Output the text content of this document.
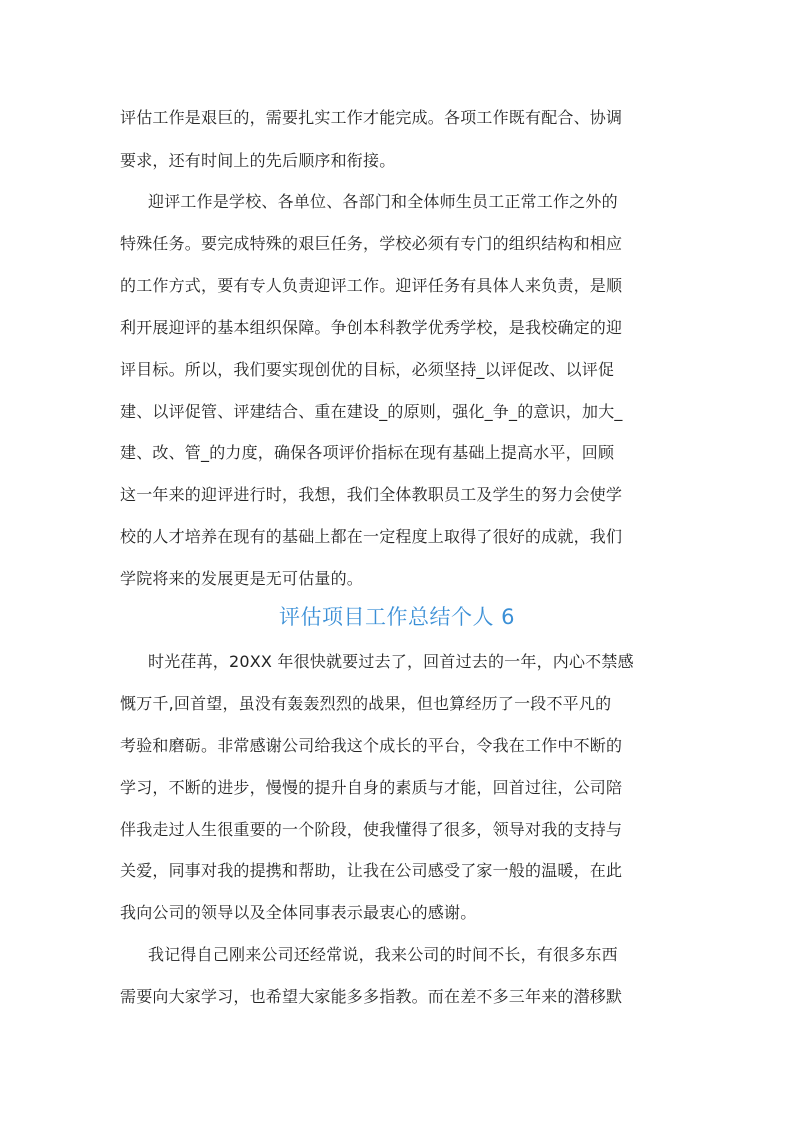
评估工作是艰巨的，需要扎实工作才能完成。各项工作既有配合、协调
要求，还有时间上的先后顺序和衔接。
迎评工作是学校、各单位、各部门和全体师生员工正常工作之外的
特殊任务。要完成特殊的艰巨任务，学校必须有专门的组织结构和相应
的工作方式，要有专人负责迎评工作。迎评任务有具体人来负责，是顺
利开展迎评的基本组织保障。争创本科教学优秀学校，是我校确定的迎
评目标。所以，我们要实现创优的目标，必须坚持_以评促改、以评促
建、以评促管、评建结合、重在建设_的原则，强化_争_的意识，加大_
建、改、管_的力度，确保各项评价指标在现有基础上提高水平，回顾
这一年来的迎评进行时，我想，我们全体教职员工及学生的努力会使学
校的人才培养在现有的基础上都在一定程度上取得了很好的成就，我们
学院将来的发展更是无可估量的。
评估项目工作总结个人 6
时光荏苒，20XX 年很快就要过去了，回首过去的一年，内心不禁感
慨万千,回首望，虽没有轰轰烈烈的战果，但也算经历了一段不平凡的
考验和磨砺。非常感谢公司给我这个成长的平台，令我在工作中不断的
学习，不断的进步，慢慢的提升自身的素质与才能，回首过往，公司陪
伴我走过人生很重要的一个阶段，使我懂得了很多，领导对我的支持与
关爱，同事对我的提携和帮助，让我在公司感受了家一般的温暖，在此
我向公司的领导以及全体同事表示最衷心的感谢。
我记得自己刚来公司还经常说，我来公司的时间不长，有很多东西
需要向大家学习，也希望大家能多多指教。而在差不多三年来的潜移默
